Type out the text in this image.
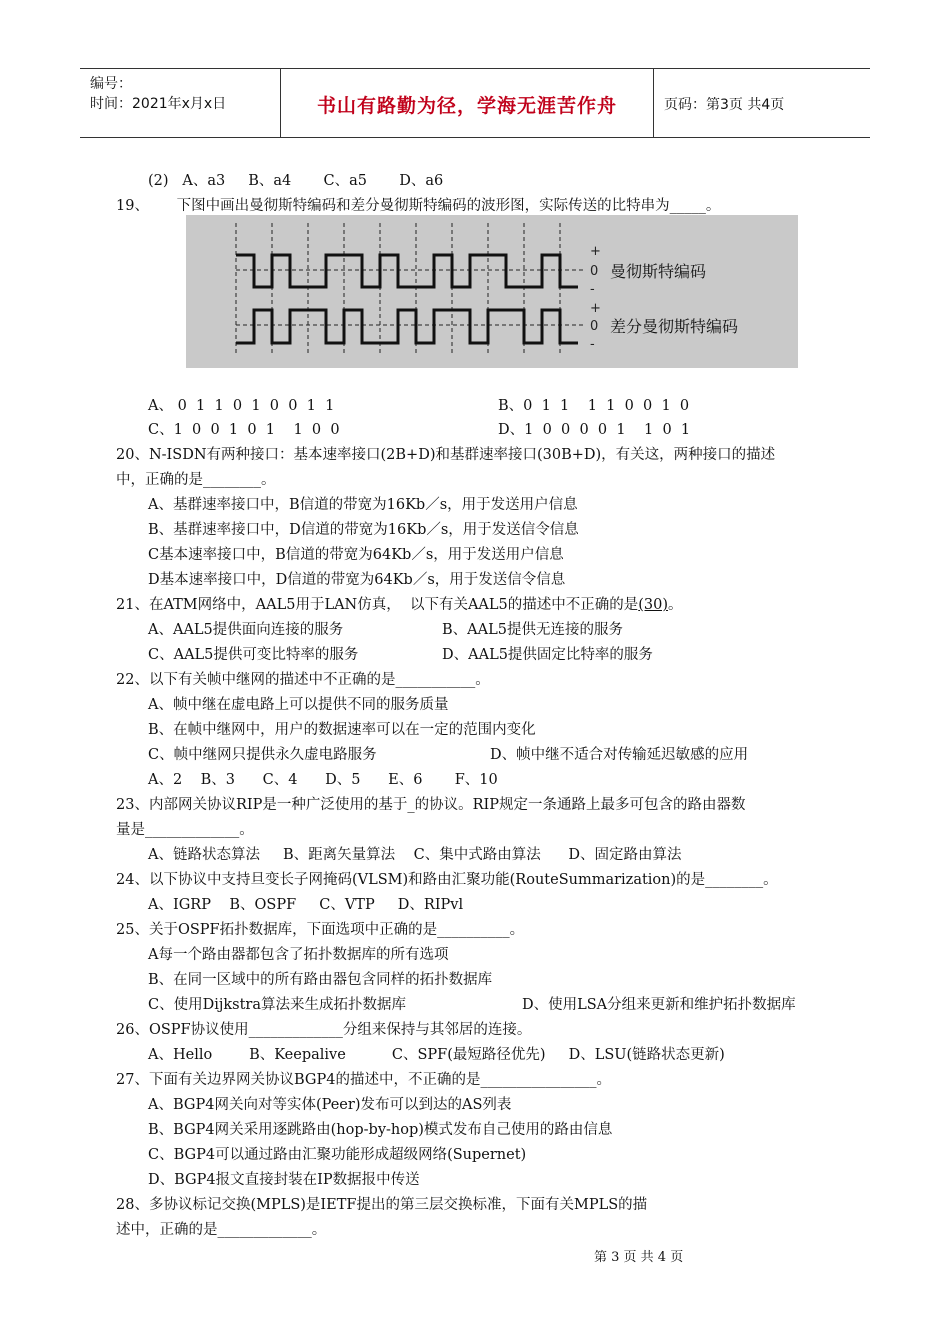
编号：
时间：2021年x月x日	书山有路勤为径，学海无涯苦作舟	页码：第3页 共4页
(2)   A、a3     B、a4       C、a5       D、a6
19、      下图中画出曼彻斯特编码和差分曼彻斯特编码的波形图，实际传送的比特串为_____。
+
0
-
+
0
-
曼彻斯特编码
差分曼彻斯特编码
A、 0  1  1  0  1  0  0  1  1	B、0  1  1    1  1  0  0  1  0
C、1  0  0  1  0  1    1  0  0	D、1  0  0  0  0  1    1  0  1
20、N-ISDN有两种接口：基本速率接口(2B+D)和基群速率接口(30B+D)，有关这，两种接口的描述
中，正确的是________。
A、基群速率接口中，B信道的带宽为16Kb／s，用于发送用户信息
B、基群速率接口中，D信道的带宽为16Kb／s，用于发送信令信息
C基本速率接口中，B信道的带宽为64Kb／s，用于发送用户信息
D基本速率接口中，D信道的带宽为64Kb／s，用于发送信令信息
21、在ATM网络中，AAL5用于LAN仿真，  以下有关AAL5的描述中不正确的是(30)。
A、AAL5提供面向连接的服务	B、AAL5提供无连接的服务
C、AAL5提供可变比特率的服务	D、AAL5提供固定比特率的服务
22、以下有关帧中继网的描述中不正确的是___________。
A、帧中继在虚电路上可以提供不同的服务质量
B、在帧中继网中，用户的数据速率可以在一定的范围内变化
C、帧中继网只提供永久虚电路服务	D、帧中继不适合对传输延迟敏感的应用
A、2    B、3      C、4      D、5      E、6       F、10
23、内部网关协议RIP是一种广泛使用的基于_的协议。RIP规定一条通路上最多可包含的路由器数
量是_____________。
A、链路状态算法     B、距离矢量算法    C、集中式路由算法      D、固定路由算法
24、以下协议中支持旦变长子网掩码(VLSM)和路由汇聚功能(RouteSummarization)的是________。
A、IGRP    B、OSPF     C、VTP     D、RIPvl
25、关于OSPF拓扑数据库，下面选项中正确的是__________。
A每一个路由器都包含了拓扑数据库的所有选项
B、在同一区域中的所有路由器包含同样的拓扑数据库
C、使用Dijkstra算法来生成拓扑数据库	D、使用LSA分组来更新和维护拓扑数据库
26、OSPF协议使用_____________分组来保持与其邻居的连接。
A、Hello        B、Keepalive          C、SPF(最短路径优先)     D、LSU(链路状态更新)
27、下面有关边界网关协议BGP4的描述中，不正确的是________________。
A、BGP4网关向对等实体(Peer)发布可以到达的AS列表
B、BGP4网关采用逐跳路由(hop-by-hop)模式发布自己使用的路由信息
C、BGP4可以通过路由汇聚功能形成超级网络(Supernet)
D、BGP4报文直接封装在IP数据报中传送
28、多协议标记交换(MPLS)是IETF提出的第三层交换标准，下面有关MPLS的描
述中，正确的是_____________。
第 3 页 共 4 页
